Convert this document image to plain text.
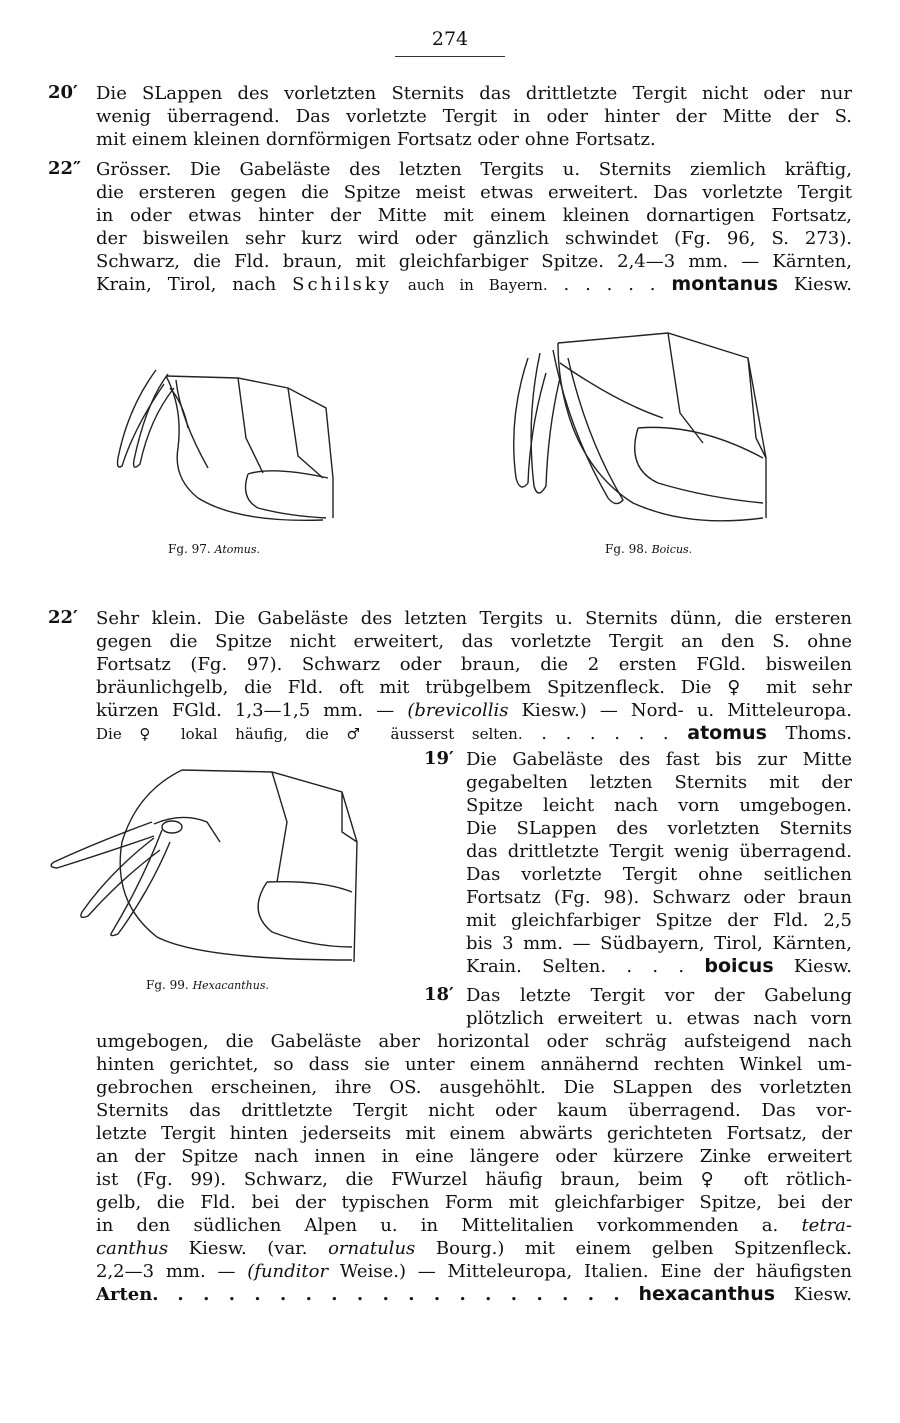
274
20′ Die SLappen des vorletzten Sternits das drittletzte Tergit nicht oder nur
wenig überragend. Das vorletzte Tergit in oder hinter der Mitte der S.
mit einem kleinen dornförmigen Fortsatz oder ohne Fortsatz.
22″ Grösser. Die Gabeläste des letzten Tergits u. Sternits ziemlich kräftig,
die ersteren gegen die Spitze meist etwas erweitert. Das vorletzte Tergit
in oder etwas hinter der Mitte mit einem kleinen dornartigen Fortsatz,
der bisweilen sehr kurz wird oder gänzlich schwindet (Fg. 96, S. 273).
Schwarz, die Fld. braun, mit gleichfarbiger Spitze. 2,4—3 mm. — Kärnten,
Krain, Tirol, nach Schilsky auch in Bayern. . . . . . montanus Kiesw.
Fg. 97. Atomus.	Fg. 98. Boicus.
22′ Sehr klein. Die Gabeläste des letzten Tergits u. Sternits dünn, die ersteren
gegen die Spitze nicht erweitert, das vorletzte Tergit an den S. ohne
Fortsatz (Fg. 97). Schwarz oder braun, die 2 ersten FGld. bisweilen
bräunlichgelb, die Fld. oft mit trübgelbem Spitzenfleck. Die ♀ mit sehr
kürzen FGld. 1,3—1,5 mm. — (brevicollis Kiesw.) — Nord- u. Mitteleuropa.
Die ♀ lokal häufig, die ♂ äusserst selten. . . . . . . atomus Thoms.
Fg. 99. Hexacanthus.
19′ Die Gabeläste des fast bis zur Mitte
gegabelten letzten Sternits mit der
Spitze leicht nach vorn umgebogen.
Die SLappen des vorletzten Sternits
das drittletzte Tergit wenig überragend.
Das vorletzte Tergit ohne seitlichen
Fortsatz (Fg. 98). Schwarz oder braun
mit gleichfarbiger Spitze der Fld. 2,5
bis 3 mm. — Südbayern, Tirol, Kärnten,
Krain. Selten. . . . boicus Kiesw.
18′ Das letzte Tergit vor der Gabelung
plötzlich erweitert u. etwas nach vorn
umgebogen, die Gabeläste aber horizontal oder schräg aufsteigend nach
hinten gerichtet, so dass sie unter einem annähernd rechten Winkel um-
gebrochen erscheinen, ihre OS. ausgehöhlt. Die SLappen des vorletzten
Sternits das drittletzte Tergit nicht oder kaum überragend. Das vor-
letzte Tergit hinten jederseits mit einem abwärts gerichteten Fortsatz, der
an der Spitze nach innen in eine längere oder kürzere Zinke erweitert
ist (Fg. 99). Schwarz, die FWurzel häufig braun, beim ♀ oft rötlich-
gelb, die Fld. bei der typischen Form mit gleichfarbiger Spitze, bei der
in den südlichen Alpen u. in Mittelitalien vorkommenden a. tetra-
canthus Kiesw. (var. ornatulus Bourg.) mit einem gelben Spitzenfleck.
2,2—3 mm. — (funditor Weise.) — Mitteleuropa, Italien. Eine der häufigsten
Arten. . . . . . . . . . . . . . . . . . . hexacanthus Kiesw.
